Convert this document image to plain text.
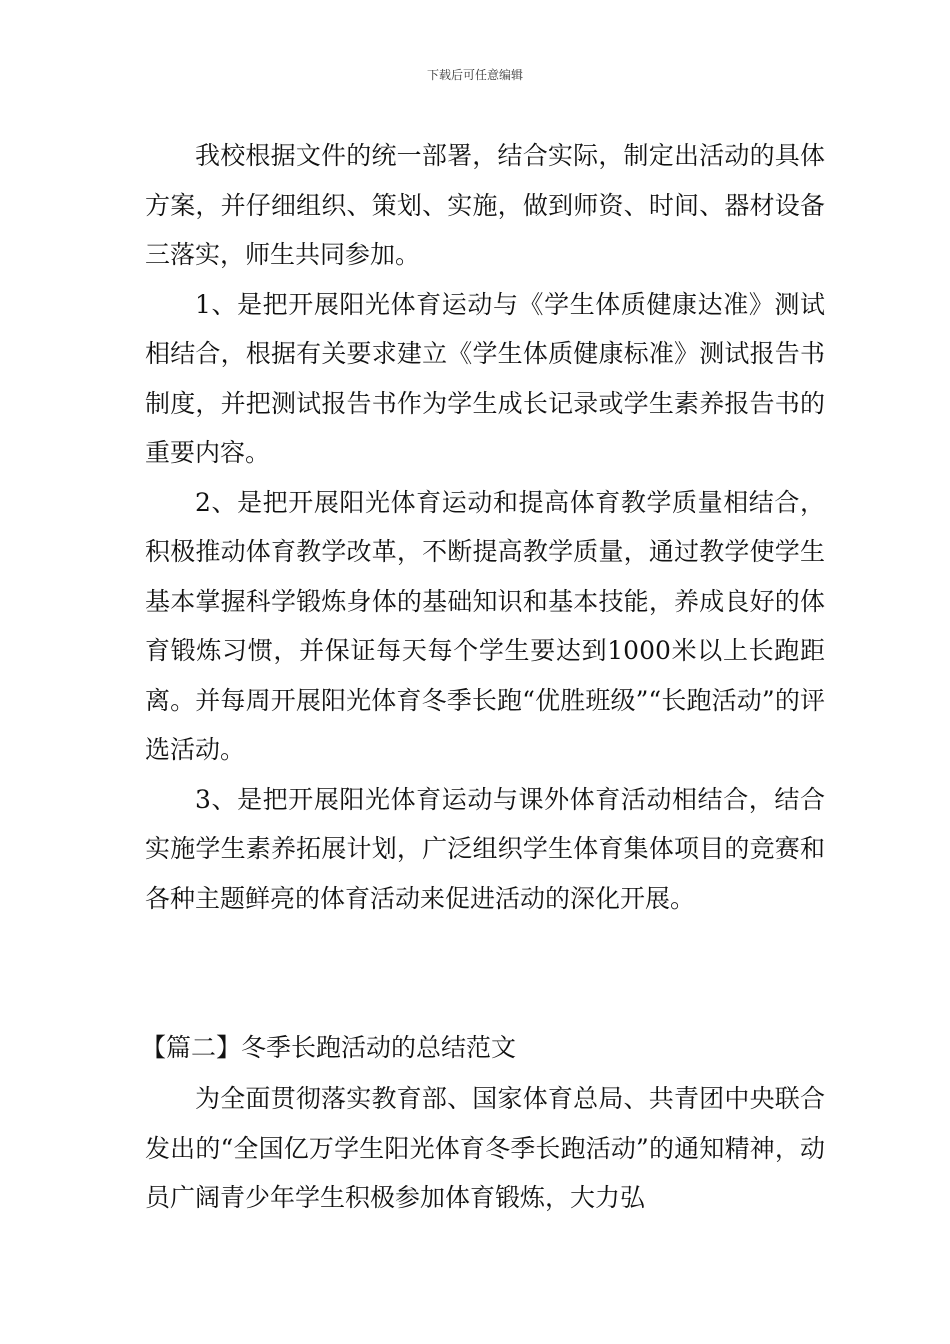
下载后可任意编辑

我校根据文件的统一部署，结合实际，制定出活动的具体方案，并仔细组织、策划、实施，做到师资、时间、器材设备三落实，师生共同参加。

1、是把开展阳光体育运动与《学生体质健康达准》测试相结合，根据有关要求建立《学生体质健康标准》测试报告书制度，并把测试报告书作为学生成长记录或学生素养报告书的重要内容。

2、是把开展阳光体育运动和提高体育教学质量相结合，积极推动体育教学改革，不断提高教学质量，通过教学使学生基本掌握科学锻炼身体的基础知识和基本技能，养成良好的体育锻炼习惯，并保证每天每个学生要达到1000米以上长跑距离。并每周开展阳光体育冬季长跑“优胜班级”“长跑活动”的评选活动。

3、是把开展阳光体育运动与课外体育活动相结合，结合实施学生素养拓展计划，广泛组织学生体育集体项目的竞赛和各种主题鲜亮的体育活动来促进活动的深化开展。

【篇二】冬季长跑活动的总结范文

为全面贯彻落实教育部、国家体育总局、共青团中央联合发出的“全国亿万学生阳光体育冬季长跑活动”的通知精神，动员广阔青少年学生积极参加体育锻炼，大力弘
